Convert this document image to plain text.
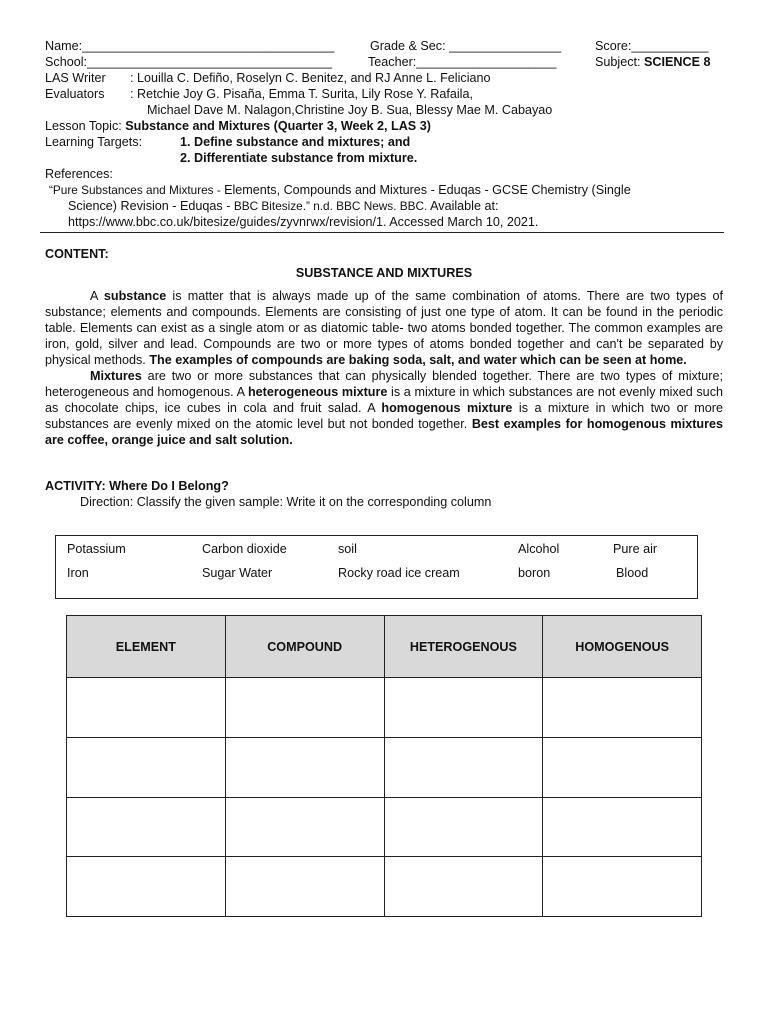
Name:____________________________________	Grade & Sec: ________________	Score:___________
School:___________________________________	Teacher:____________________	Subject: SCIENCE 8
LAS Writer : Louilla C. Defiño, Roselyn C. Benitez, and RJ Anne L. Feliciano
Evaluators : Retchie Joy G. Pisaña, Emma T. Surita, Lily Rose Y. Rafaila,
Michael Dave M. Nalagon,Christine Joy B. Sua, Blessy Mae M. Cabayao
Lesson Topic: Substance and Mixtures (Quarter 3, Week 2, LAS 3)
Learning Targets:	1. Define substance and mixtures; and
2. Differentiate substance from mixture.
References:
“Pure Substances and Mixtures - Elements, Compounds and Mixtures - Eduqas - GCSE Chemistry (Single
Science) Revision - Eduqas - BBC Bitesize.” n.d. BBC News. BBC. Available at:
https://www.bbc.co.uk/bitesize/guides/zyvnrwx/revision/1. Accessed March 10, 2021.
CONTENT:
SUBSTANCE AND MIXTURES

A substance is matter that is always made up of the same combination of atoms. There are two types of substance; elements and compounds. Elements are consisting of just one type of atom. It can be found in the periodic table. Elements can exist as a single atom or as diatomic table- two atoms bonded together. The common examples are iron, gold, silver and lead. Compounds are two or more types of atoms bonded together and can't be separated by physical methods. The examples of compounds are baking soda, salt, and water which can be seen at home.

Mixtures are two or more substances that can physically blended together. There are two types of mixture; heterogeneous and homogenous. A heterogeneous mixture is a mixture in which substances are not evenly mixed such as chocolate chips, ice cubes in cola and fruit salad. A homogenous mixture is a mixture in which two or more substances are evenly mixed on the atomic level but not bonded together. Best examples for homogenous mixtures are coffee, orange juice and salt solution.

ACTIVITY: Where Do I Belong?
Direction: Classify the given sample: Write it on the corresponding column
Potassium	Carbon dioxide	soil	Alcohol	Pure air
Iron	Sugar Water	Rocky road ice cream	boron	Blood
ELEMENT	COMPOUND	HETEROGENOUS	HOMOGENOUS
